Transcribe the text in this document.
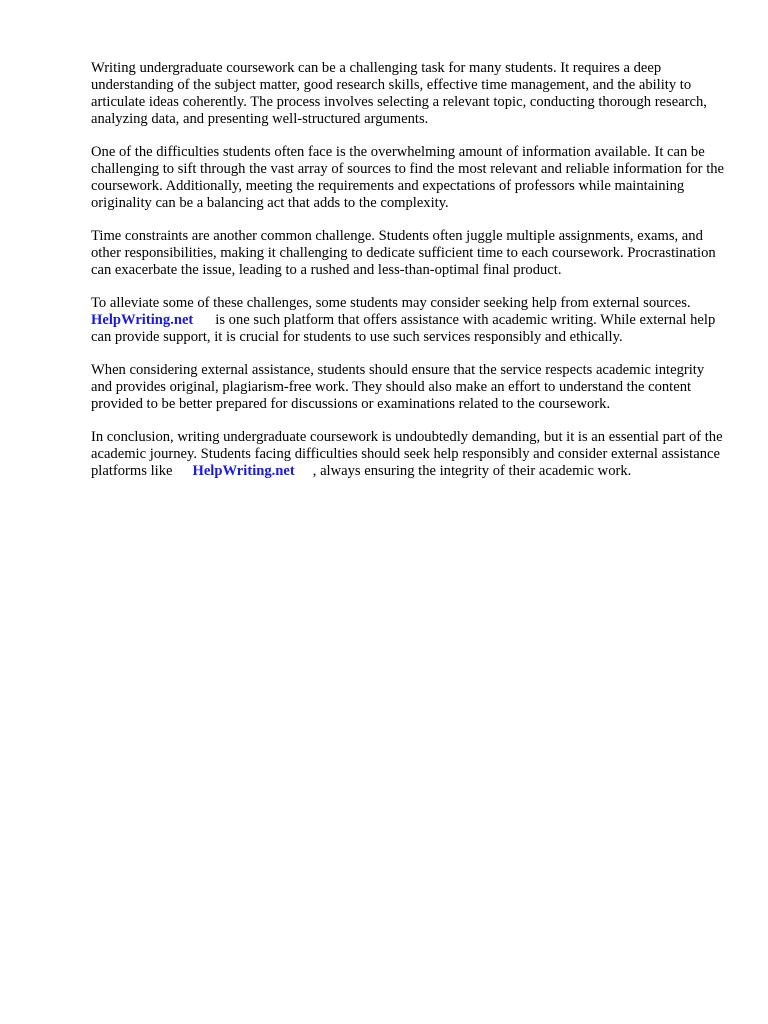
Writing undergraduate coursework can be a challenging task for many students. It requires a deep understanding of the subject matter, good research skills, effective time management, and the ability to articulate ideas coherently. The process involves selecting a relevant topic, conducting thorough research, analyzing data, and presenting well-structured arguments.

One of the difficulties students often face is the overwhelming amount of information available. It can be challenging to sift through the vast array of sources to find the most relevant and reliable information for the coursework. Additionally, meeting the requirements and expectations of professors while maintaining originality can be a balancing act that adds to the complexity.

Time constraints are another common challenge. Students often juggle multiple assignments, exams, and other responsibilities, making it challenging to dedicate sufficient time to each coursework. Procrastination can exacerbate the issue, leading to a rushed and less-than-optimal final product.

To alleviate some of these challenges, some students may consider seeking help from external sources.HelpWriting.net is one such platform that offers assistance with academic writing. While external help can provide support, it is crucial for students to use such services responsibly and ethically.

When considering external assistance, students should ensure that the service respects academic integrity and provides original, plagiarism-free work. They should also make an effort to understand the content provided to be better prepared for discussions or examinations related to the coursework.

In conclusion, writing undergraduate coursework is undoubtedly demanding, but it is an essential part of the academic journey. Students facing difficulties should seek help responsibly and consider external assistance platforms like HelpWriting.net , always ensuring the integrity of their academic work.
